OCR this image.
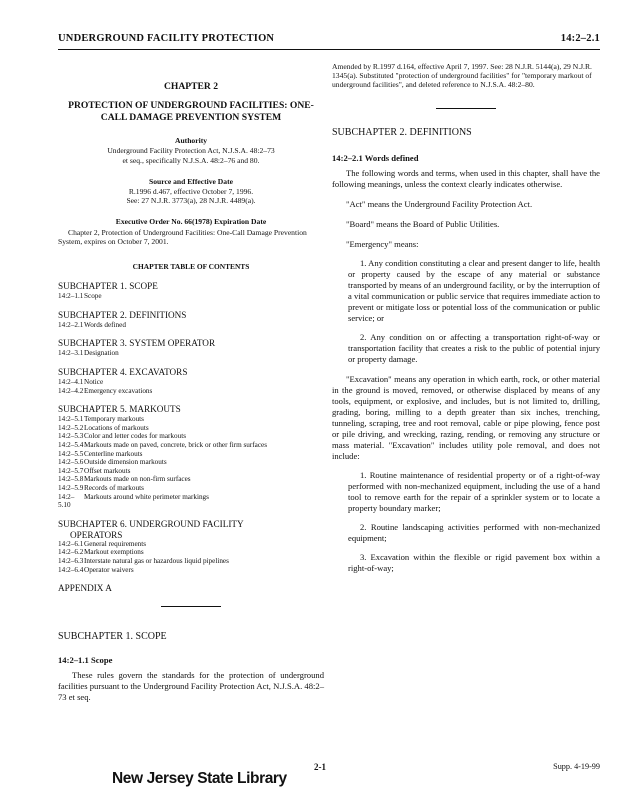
UNDERGROUND FACILITY PROTECTION	14:2–2.1
CHAPTER 2
PROTECTION OF UNDERGROUND FACILITIES: ONE-CALL DAMAGE PREVENTION SYSTEM
Authority
Underground Facility Protection Act, N.J.S.A. 48:2–73
et seq., specifically N.J.S.A. 48:2–76 and 80.
Source and Effective Date
R.1996 d.467, effective October 7, 1996.
See: 27 N.J.R. 3773(a), 28 N.J.R. 4489(a).
Executive Order No. 66(1978) Expiration Date
Chapter 2, Protection of Underground Facilities: One-Call Damage Prevention System, expires on October 7, 2001.
CHAPTER TABLE OF CONTENTS
SUBCHAPTER 1. SCOPE
14:2–1.1 Scope
SUBCHAPTER 2. DEFINITIONS
14:2–2.1 Words defined
SUBCHAPTER 3. SYSTEM OPERATOR
14:2–3.1 Designation
SUBCHAPTER 4. EXCAVATORS
14:2–4.1 Notice
14:2–4.2 Emergency excavations
SUBCHAPTER 5. MARKOUTS
14:2–5.1 Temporary markouts
14:2–5.2 Locations of markouts
14:2–5.3 Color and letter codes for markouts
14:2–5.4 Markouts made on paved, concrete, brick or other firm surfaces
14:2–5.5 Centerline markouts
14:2–5.6 Outside dimension markouts
14:2–5.7 Offset markouts
14:2–5.8 Markouts made on non-firm surfaces
14:2–5.9 Records of markouts
14:2–5.10
Markouts around white perimeter markings
SUBCHAPTER 6. UNDERGROUND FACILITY
OPERATORS
14:2–6.1 General requirements
14:2–6.2 Markout exemptions
14:2–6.3 Interstate natural gas or hazardous liquid pipelines
14:2–6.4 Operator waivers
APPENDIX A
SUBCHAPTER 1. SCOPE
14:2–1.1 Scope
These rules govern the standards for the protection of underground facilities pursuant to the Underground Facility Protection Act, N.J.S.A. 48:2–73 et seq.
Amended by R.1997 d.164, effective April 7, 1997. See: 28 N.J.R. 5144(a), 29 N.J.R. 1345(a). Substituted "protection of underground facilities" for "temporary markout of underground facilities", and deleted reference to N.J.S.A. 48:2–80.
SUBCHAPTER 2. DEFINITIONS
14:2–2.1 Words defined
The following words and terms, when used in this chapter, shall have the following meanings, unless the context clearly indicates otherwise.
"Act" means the Underground Facility Protection Act.
"Board" means the Board of Public Utilities.
"Emergency" means:
1. Any condition constituting a clear and present danger to life, health or property caused by the escape of any material or substance transported by means of an underground facility, or by the interruption of a vital communication or public service that requires immediate action to prevent or mitigate loss or potential loss of the communication or public service; or
2. Any condition on or affecting a transportation right-of-way or transportation facility that creates a risk to the public of potential injury or property damage.
"Excavation" means any operation in which earth, rock, or other material in the ground is moved, removed, or otherwise displaced by means of any tools, equipment, or explosive, and includes, but is not limited to, drilling, grading, boring, milling to a depth greater than six inches, trenching, tunneling, scraping, tree and root removal, cable or pipe plowing, fence post or pile driving, and wrecking, razing, rending, or removing any structure or mass material. "Excavation" includes utility pole removal, and does not include:
1. Routine maintenance of residential property or of a right-of-way performed with non-mechanized equipment, including the use of a hand tool to remove earth for the repair of a sprinkler system or to locate a property boundary marker;
2. Routine landscaping activities performed with non-mechanized equipment;
3. Excavation within the flexible or rigid pavement box within a right-of-way;
2-1	Supp. 4-19-99
New Jersey State Library
